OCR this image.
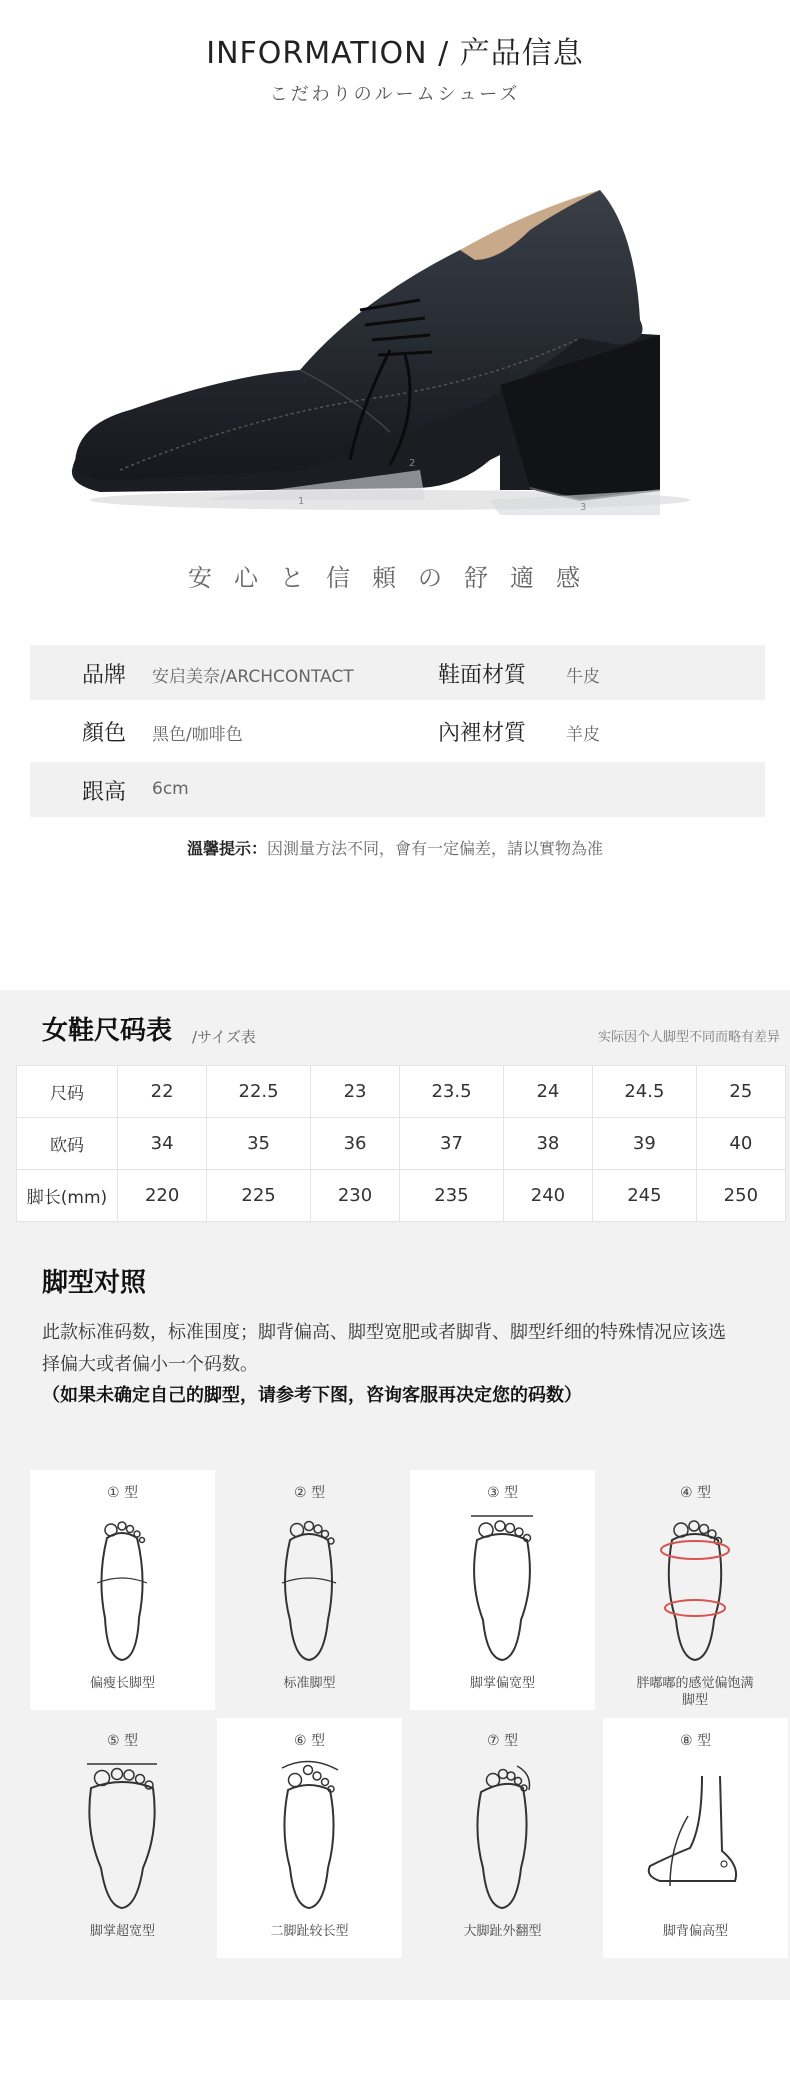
INFORMATION / 产品信息
こだわりのルームシューズ
1
2
3
安心と信頼の舒適感
品牌 安启美奈/ARCHCONTACT	鞋面材質 牛皮
顏色 黑色/咖啡色	內裡材質 羊皮
跟高 6cm
溫馨提示：因測量方法不同，會有一定偏差，請以實物為准
女鞋尺码表 /サイズ表	实际因个人脚型不同而略有差异
尺码	22	22.5	23	23.5	24	24.5	25
欧码	34	35	36	37	38	39	40
脚长(mm)	220	225	230	235	240	245	250
脚型对照
此款标准码数，标准围度；脚背偏高、脚型宽肥或者脚背、脚型纤细的特殊情况应该选择偏大或者偏小一个码数。
（如果未确定自己的脚型，请参考下图，咨询客服再决定您的码数）
① 型
偏瘦长脚型
② 型
标准脚型
③ 型
脚掌偏宽型
④ 型
胖嘟嘟的感觉偏饱满脚型
⑤ 型
脚掌超宽型
⑥ 型
二脚趾较长型
⑦ 型
大脚趾外翻型
⑧ 型
脚背偏高型
